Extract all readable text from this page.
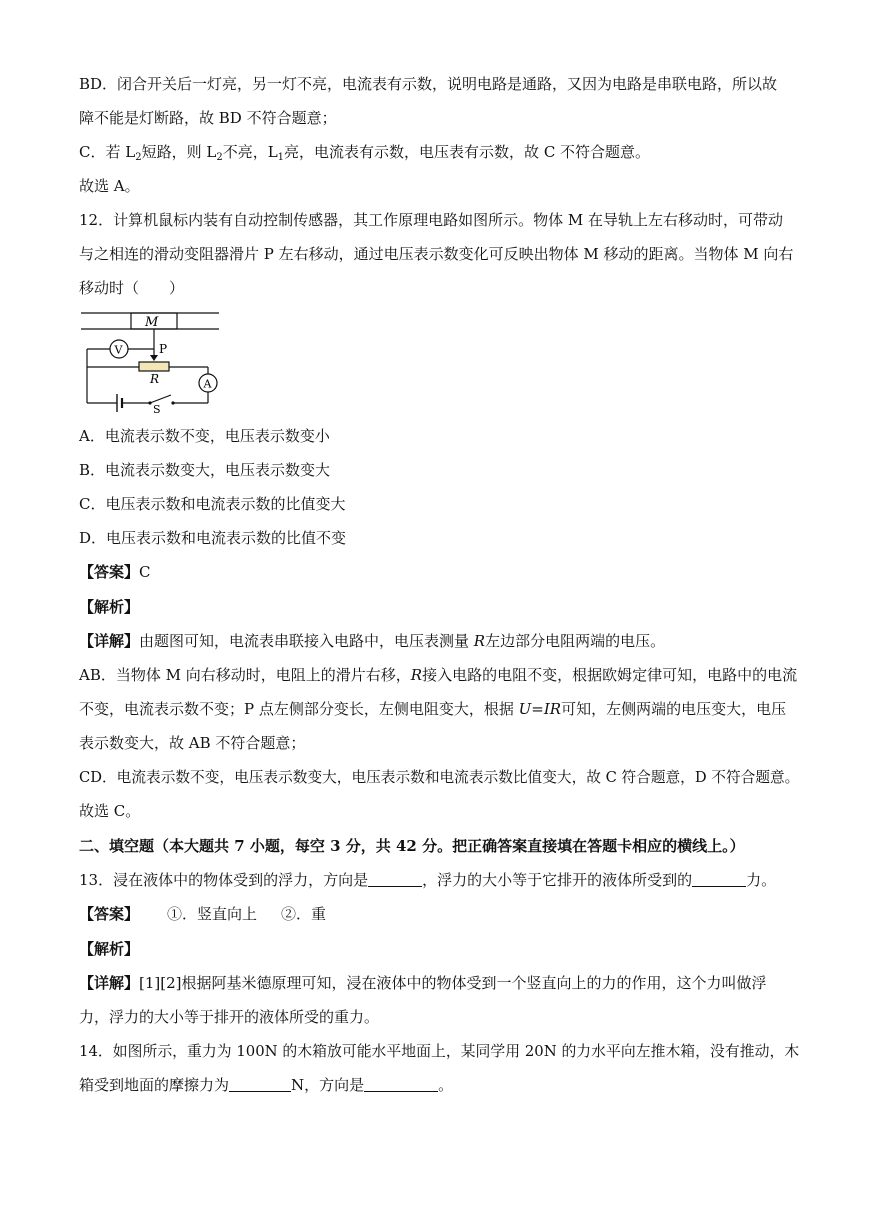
BD．闭合开关后一灯亮，另一灯不亮，电流表有示数，说明电路是通路，又因为电路是串联电路，所以故
障不能是灯断路，故 BD 不符合题意；
C．若 $L_2$短路，则 $L_2$不亮，$L_1$亮，电流表有示数，电压表有示数，故 C 不符合题意。
故选 A。
12．计算机鼠标内装有自动控制传感器，其工作原理电路如图所示。物体 M 在导轨上左右移动时，可带动
与之相连的滑动变阻器滑片 P 左右移动，通过电压表示数变化可反映出物体 M 移动的距离。当物体 M 向右
移动时（　　）
M
P
V
R	A
S
A．电流表示数不变，电压表示数变小
B．电流表示数变大，电压表示数变大
C．电压表示数和电流表示数的比值变大
D．电压表示数和电流表示数的比值不变
【答案】C
【解析】
【详解】由题图可知，电流表串联接入电路中，电压表测量 R左边部分电阻两端的电压。
AB．当物体 M 向右移动时，电阻上的滑片右移，R接入电路的电阻不变，根据欧姆定律可知，电路中的电流
不变，电流表示数不变；P 点左侧部分变长，左侧电阻变大，根据 U=IR可知，左侧两端的电压变大，电压
表示数变大，故 AB 不符合题意；
CD．电流表示数不变，电压表示数变大，电压表示数和电流表示数比值变大，故 C 符合题意，D 不符合题意。
故选 C。
二、填空题（本大题共 7 小题，每空 3 分，共 42 分。把正确答案直接填在答题卡相应的横线上。）
13．浸在液体中的物体受到的浮力，方向是	，浮力的大小等于它排开的液体所受到的	力。
【答案】 ①．竖直向上 ②．重
【解析】
【详解】[1][2]根据阿基米德原理可知，浸在液体中的物体受到一个竖直向上的力的作用，这个力叫做浮
力，浮力的大小等于排开的液体所受的重力。
14．如图所示，重力为 100N 的木箱放可能水平地面上，某同学用 20N 的力水平向左推木箱，没有推动，木
箱受到地面的摩擦力为	N，方向是	。
